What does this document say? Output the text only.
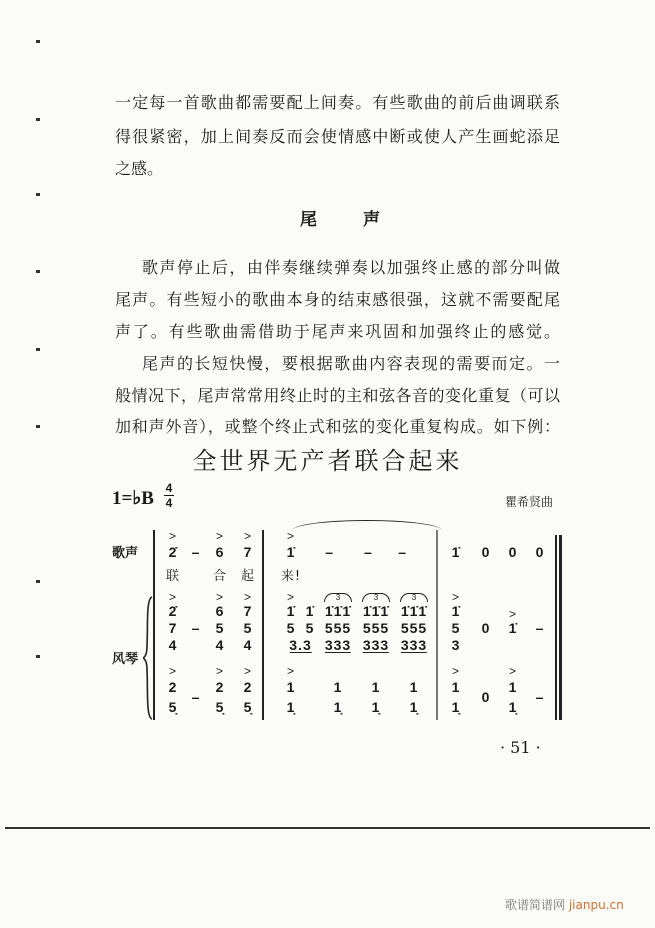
一定每一首歌曲都需要配上间奏。有些歌曲的前后曲调联系
得很紧密，加上间奏反而会使情感中断或使人产生画蛇添足
之感。
尾　　声
歌声停止后，由伴奏继续弹奏以加强终止感的部分叫做
尾声。有些短小的歌曲本身的结束感很强，这就不需要配尾
声了。有些歌曲需借助于尾声来巩固和加强终止的感觉。
尾声的长短快慢，要根据歌曲内容表现的需要而定。一
般情况下，尾声常常用终止时的主和弦各音的变化重复（可以
加和声外音），或整个终止式和弦的变化重复构成。如下例：
全世界无产者联合起来
1=♭B 4
4	瞿希贤曲
歌声
风琴
>	> >	>
2̇ – 6 7 1̇ – – –	1̇ 0 0 0
联	合 起 来!
>	> >	>	>
3	3	3
2̇	6 7 1̇ 1̇ 1̇1̇1̇ 1̇1̇1̇ 1̇1̇1̇ 1̇
7 – 5 5 5 5 555 555 555 5 0 1̇ –
4	4 4	3.3 333 333 333 3
>
>	> >	>	>	>
2	2 2 1	1 1 1 1	1
5̣	5̣ 5̣ 1̣	1̣ 1̣ 1̣ 1̣	1̣
–	0	–
· 51 ·
歌谱简谱网 jianpu.cn
